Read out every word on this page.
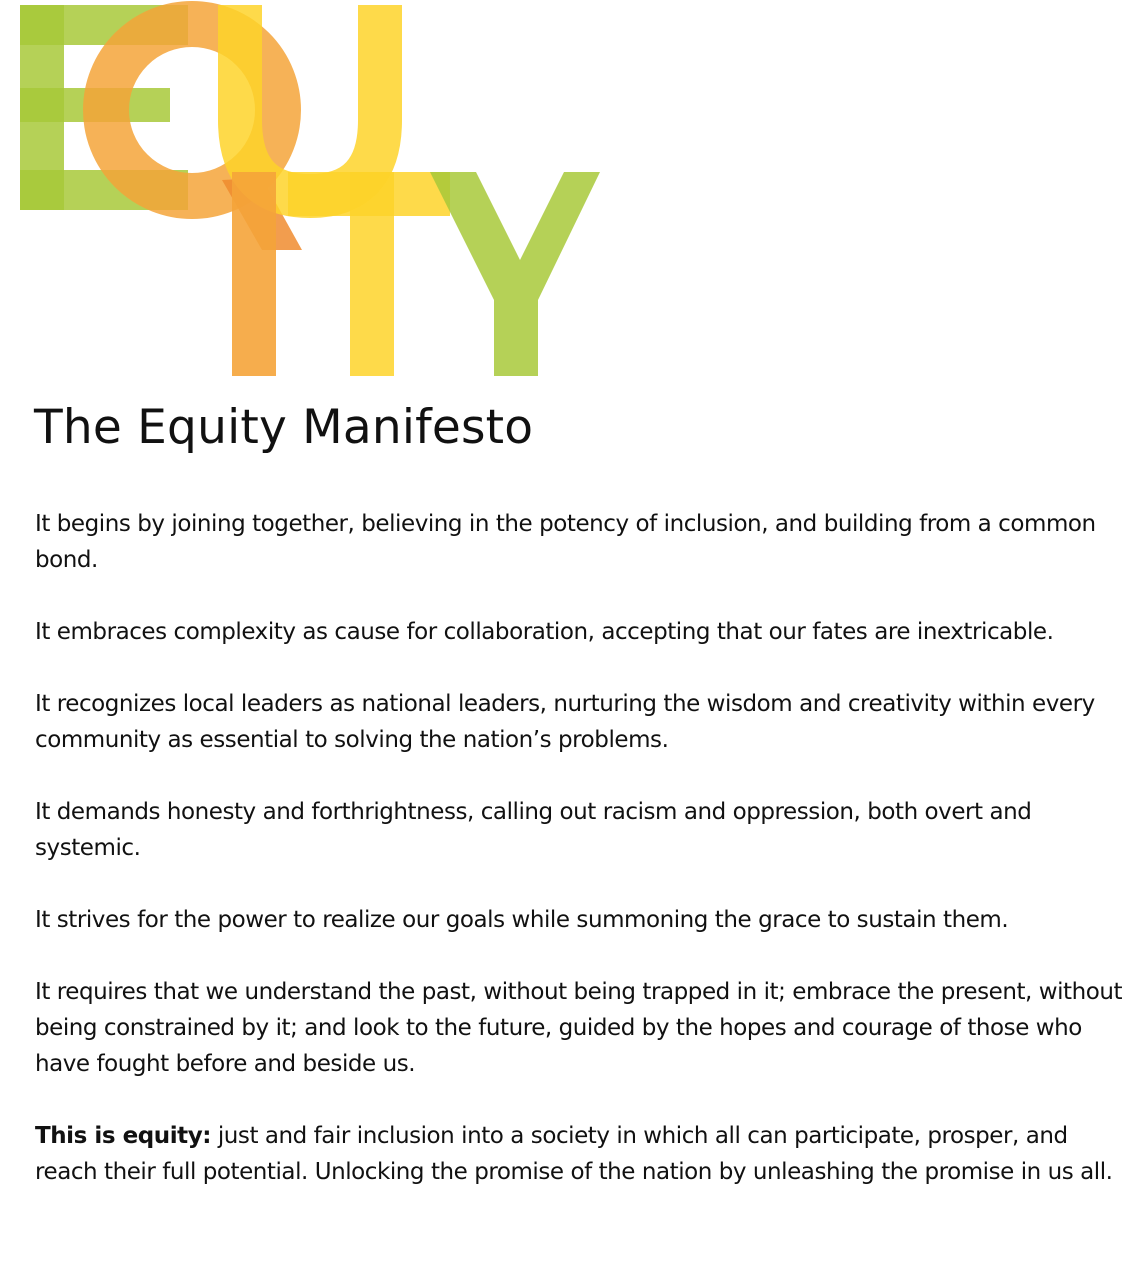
The Equity Manifesto

It begins by joining together, believing in the potency of inclusion, and building from a common bond.

It embraces complexity as cause for collaboration, accepting that our fates are inextricable.

It recognizes local leaders as national leaders, nurturing the wisdom and creativity within every community as essential to solving the nation’s problems.

It demands honesty and forthrightness, calling out racism and oppression, both overt and systemic.

It strives for the power to realize our goals while summoning the grace to sustain them.

It requires that we understand the past, without being trapped in it; embrace the present, without being constrained by it; and look to the future, guided by the hopes and courage of those who have fought before and beside us.

This is equity: just and fair inclusion into a society in which all can participate, prosper, and reach their full potential. Unlocking the promise of the nation by unleashing the promise in us all.
